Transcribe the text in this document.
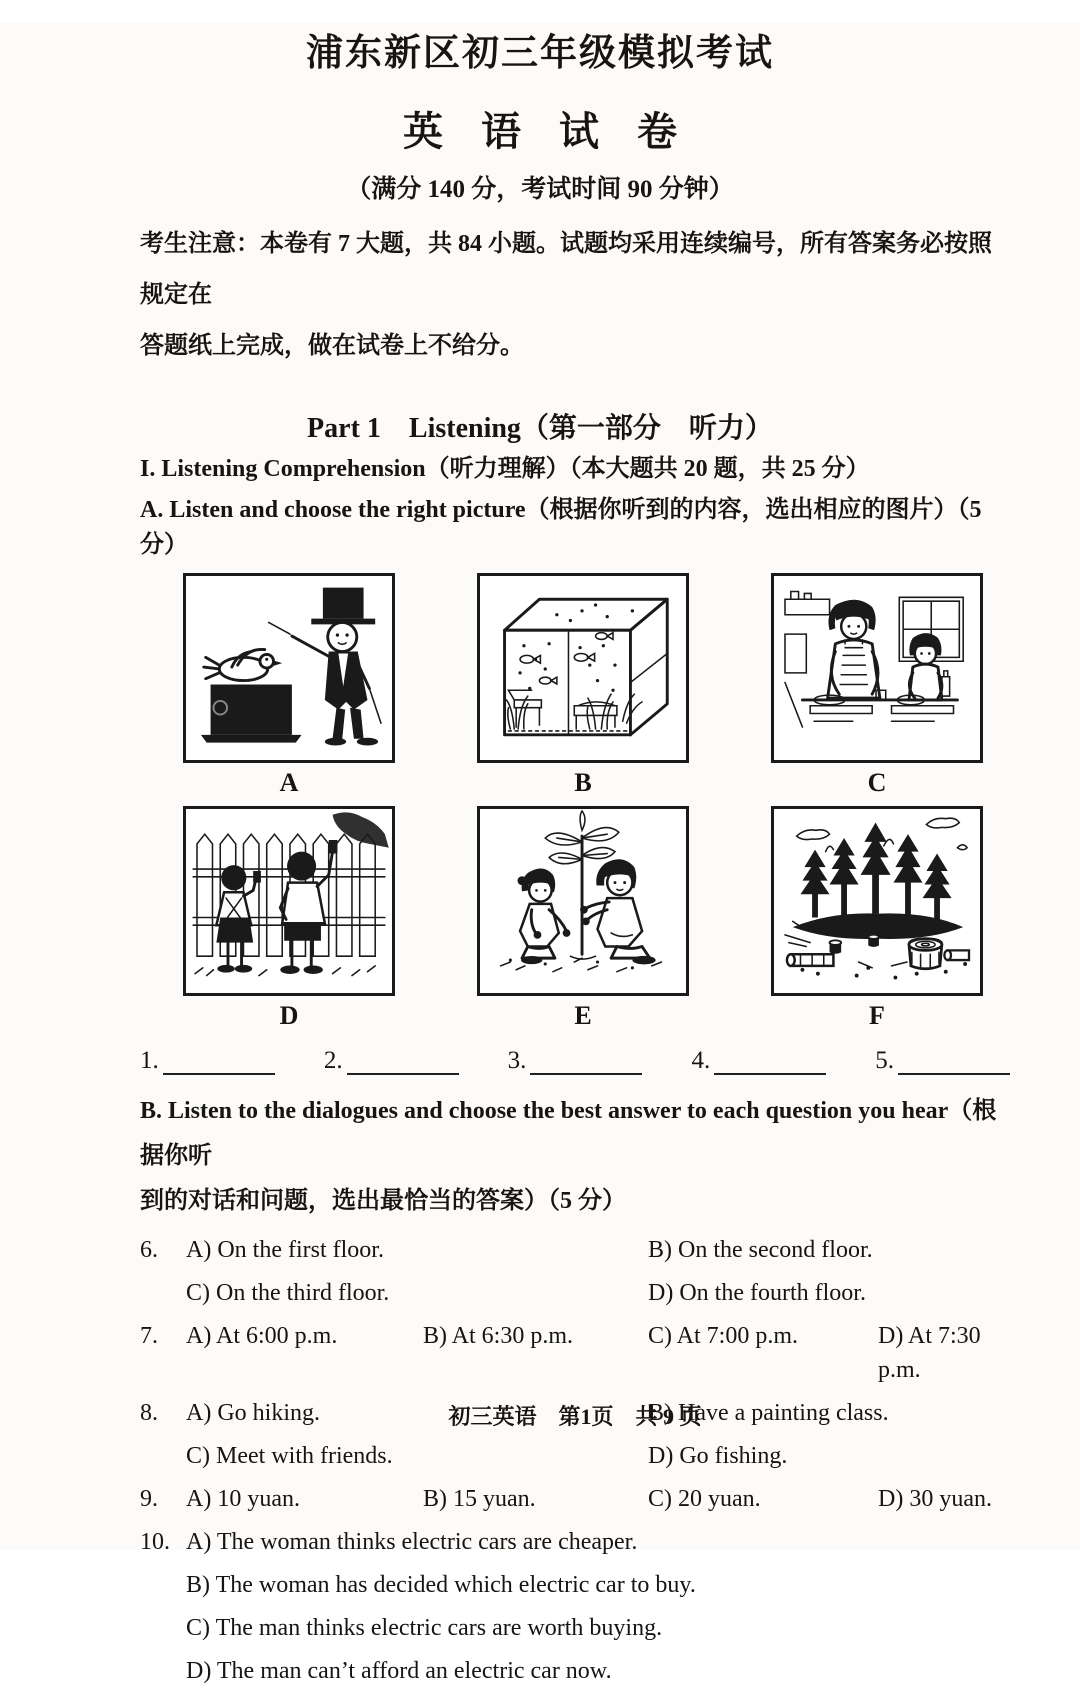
浦东新区初三年级模拟考试
英 语 试 卷
（满分 140 分，考试时间 90 分钟）
考生注意：本卷有 7 大题，共 84 小题。试题均采用连续编号，所有答案务必按照规定在
答题纸上完成，做在试卷上不给分。
Part 1　Listening（第一部分　听力）
I. Listening Comprehension（听力理解）（本大题共 20 题，共 25 分）
A. Listen and choose the right picture（根据你听到的内容，选出相应的图片）（5 分）
A	B	C
D	E	F
1.	2.	3.	4.	5.
B. Listen to the dialogues and choose the best answer to each question you hear（根据你听
到的对话和问题，选出最恰当的答案）（5 分）
6.	A) On the first floor.	B) On the second floor.
C) On the third floor.	D) On the fourth floor.
7.	A) At 6:00 p.m.	B) At 6:30 p.m.	C) At 7:00 p.m.	D) At 7:30 p.m.
8.	A) Go hiking.	B) Have a painting class.
C) Meet with friends.	D) Go fishing.
9.	A) 10 yuan.	B) 15 yuan.	C) 20 yuan.	D) 30 yuan.
10. A) The woman thinks electric cars are cheaper.
B) The woman has decided which electric car to buy.
C) The man thinks electric cars are worth buying.
D) The man can’t afford an electric car now.
初三英语　第1页　共 9 页
